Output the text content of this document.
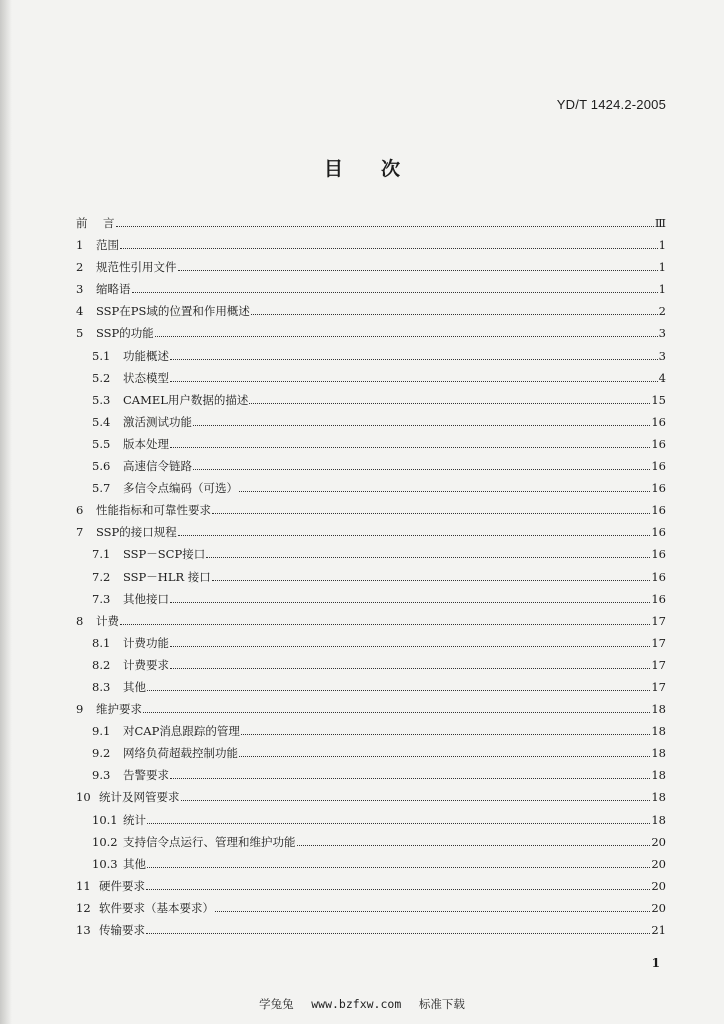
YD/T 1424.2-2005
目 次
前	言	Ⅲ
1	范围	1
2	规范性引用文件	1
3	缩略语	1
4	SSP在PS域的位置和作用概述	2
5	SSP的功能	3
5.1	功能概述	3
5.2	状态模型	4
5.3	CAMEL用户数据的描述	15
5.4	激活测试功能	16
5.5	版本处理	16
5.6	高速信令链路	16
5.7	多信令点编码（可选）	16
6	性能指标和可靠性要求	16
7	SSP的接口规程	16
7.1	SSP－SCP接口	16
7.2	SSP－HLR 接口	16
7.3	其他接口	16
8	计费	17
8.1	计费功能	17
8.2	计费要求	17
8.3	其他	17
9	维护要求	18
9.1	对CAP消息跟踪的管理	18
9.2	网络负荷超载控制功能	18
9.3	告警要求	18
10 统计及网管要求	18
10.1 统计	18
10.2 支持信令点运行、管理和维护功能	20
10.3 其他	20
11 硬件要求	20
12 软件要求（基本要求）	20
13 传输要求	21
1
学兔兔 www.bzfxw.com 标准下载
